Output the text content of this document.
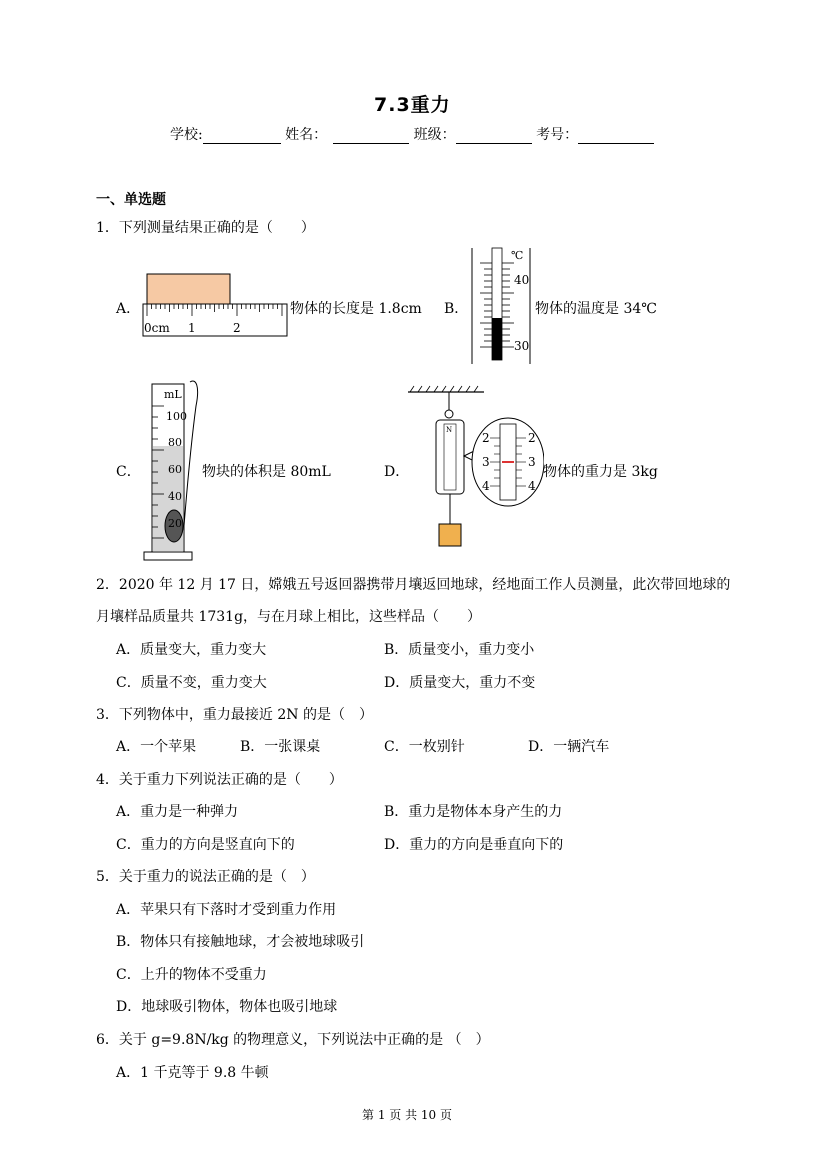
7.3重力
学校:	姓名：	班级：	考号：
一、单选题
1．下列测量结果正确的是（　　）
A．
0cm 1	2
物体的长度是 1.8cm B．
℃
40
30
物体的温度是 34℃
C．
mL
100
80
60
40
20
物块的体积是 80mL	D．
N
2	2
3	3
4	4
物体的重力是 3kg
2．2020 年 12 月 17 日，嫦娥五号返回器携带月壤返回地球，经地面工作人员测量，此次带回地球的
月壤样品质量共 1731g，与在月球上相比，这些样品（　　）
A．质量变大，重力变大	B．质量变小，重力变小
C．质量不变，重力变大	D．质量变大，重力不变
3．下列物体中，重力最接近 2N 的是（　）
A．一个苹果	B．一张课桌	C．一枚别针	D．一辆汽车
4．关于重力下列说法正确的是（　　）
A．重力是一种弹力	B．重力是物体本身产生的力
C．重力的方向是竖直向下的	D．重力的方向是垂直向下的
5．关于重力的说法正确的是（　）
A．苹果只有下落时才受到重力作用
B．物体只有接触地球，才会被地球吸引
C．上升的物体不受重力
D．地球吸引物体，物体也吸引地球
6．关于 g=9.8N/kg 的物理意义，下列说法中正确的是 （　）
A．1 千克等于 9.8 牛顿
第 1 页 共 10 页
